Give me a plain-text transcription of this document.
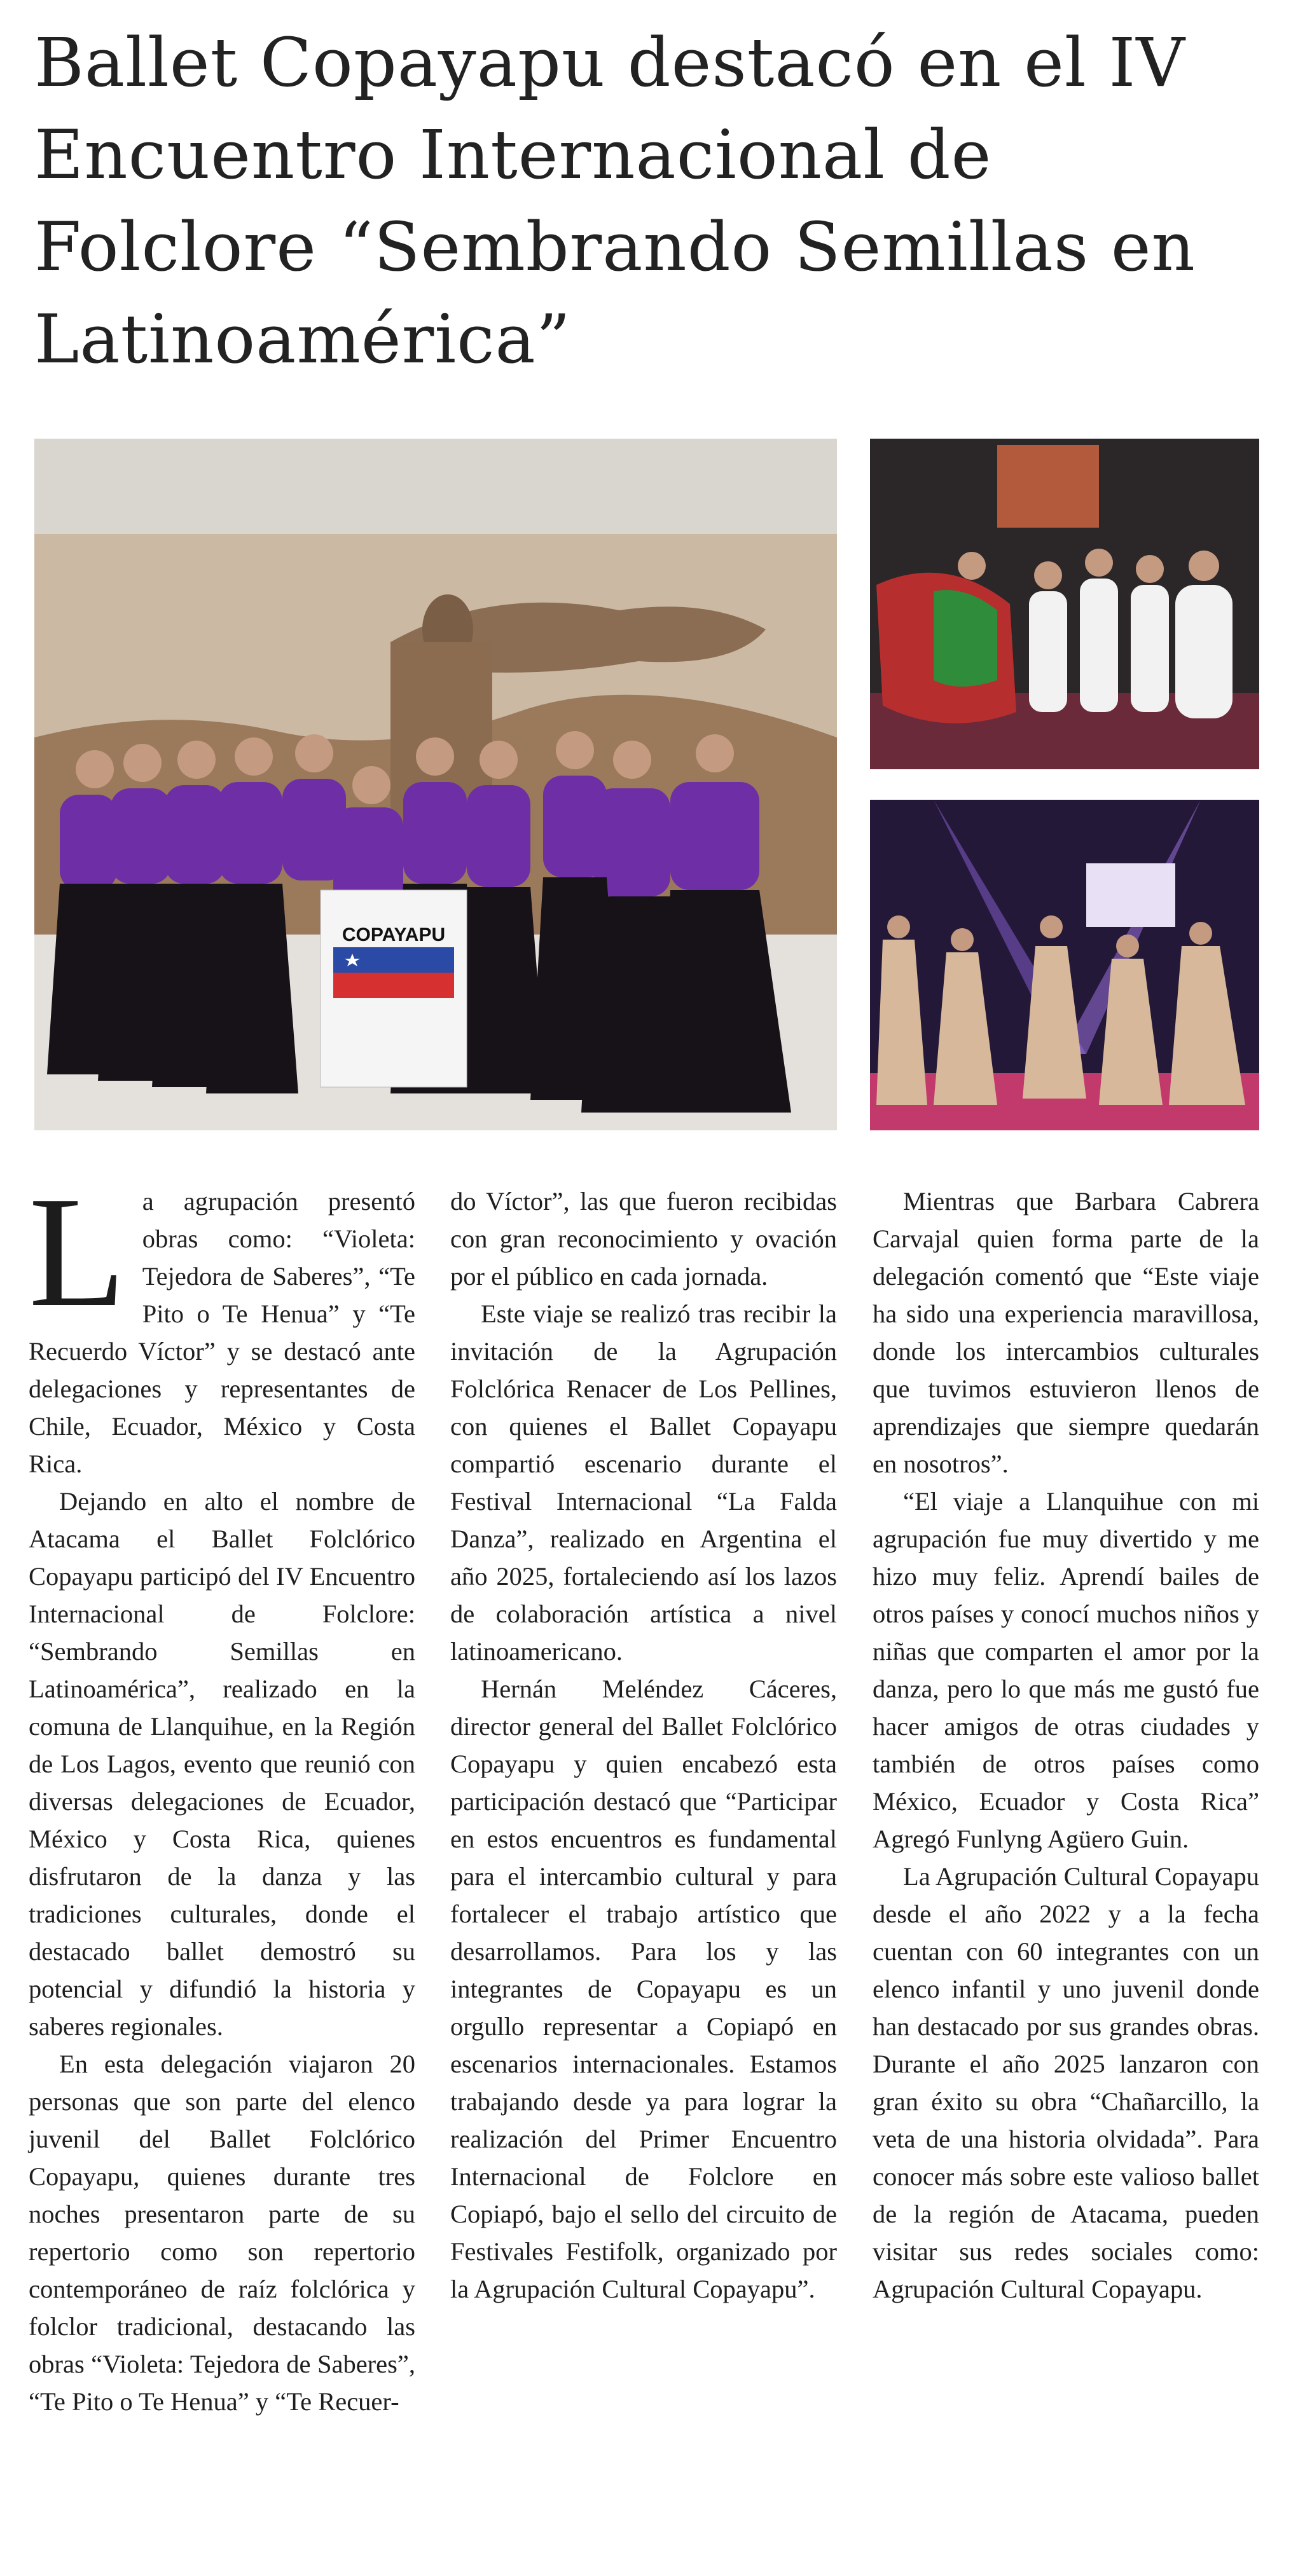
Ballet Copayapu destacó en el IV Encuentro Internacional de Folclore “Sembrando Semillas en Latinoamérica”
COPAYAPU
L a agrupación presentó obras como: “Violeta: Tejedora de Saberes”, “Te Pito o Te Henua” y “Te Recuerdo Víctor” y se destacó ante delegaciones y representantes de Chile, Ecuador, México y Costa Rica.

Dejando en alto el nombre de Atacama el Ballet Folclórico Copayapu participó del IV Encuentro Internacional de Folclore: “Sembrando Semillas en Latinoamérica”, realizado en la comuna de Llanquihue, en la Región de Los Lagos, evento que reunió con diversas delegaciones de Ecuador, México y Costa Rica, quienes disfrutaron de la danza y las tradiciones culturales, donde el destacado ballet demostró su potencial y difundió la historia y saberes regionales.

En esta delegación viajaron 20 personas que son parte del elenco juvenil del Ballet Folclórico Copayapu, quienes durante tres noches presentaron parte de su repertorio como son repertorio contemporáneo de raíz folclórica y folclor tradicional, destacando las obras “Violeta: Tejedora de Saberes”, “Te Pito o Te Henua” y “Te Recuer-

do Víctor”, las que fueron recibidas con gran reconocimiento y ovación por el público en cada jornada.

Este viaje se realizó tras recibir la invitación de la Agrupación Folclórica Renacer de Los Pellines, con quienes el Ballet Copayapu compartió escenario durante el Festival Internacional “La Falda Danza”, realizado en Argentina el año 2025, fortaleciendo así los lazos de colaboración artística a nivel latinoamericano.

Hernán Meléndez Cáceres, director general del Ballet Folclórico Copayapu y quien encabezó esta participación destacó que “Participar en estos encuentros es fundamental para el intercambio cultural y para fortalecer el trabajo artístico que desarrollamos. Para los y las integrantes de Copayapu es un orgullo representar a Copiapó en escenarios internacionales. Estamos trabajando desde ya para lograr la realización del Primer Encuentro Internacional de Folclore en Copiapó, bajo el sello del circuito de Festivales Festifolk, organizado por la Agrupación Cultural Copayapu”.

Mientras que Barbara Cabrera Carvajal quien forma parte de la delegación comentó que “Este viaje ha sido una experiencia maravillosa, donde los intercambios culturales que tuvimos estuvieron llenos de aprendizajes que siempre quedarán en nosotros”.

“El viaje a Llanquihue con mi agrupación fue muy divertido y me hizo muy feliz. Aprendí bailes de otros países y conocí muchos niños y niñas que comparten el amor por la danza, pero lo que más me gustó fue hacer amigos de otras ciudades y también de otros países como México, Ecuador y Costa Rica” Agregó Funlyng Agüero Guin.

La Agrupación Cultural Copayapu desde el año 2022 y a la fecha cuentan con 60 integrantes con un elenco infantil y uno juvenil donde han destacado por sus grandes obras. Durante el año 2025 lanzaron con gran éxito su obra “Chañarcillo, la veta de una historia olvidada”. Para conocer más sobre este valioso ballet de la región de Atacama, pueden visitar sus redes sociales como: Agrupación Cultural Copayapu.
